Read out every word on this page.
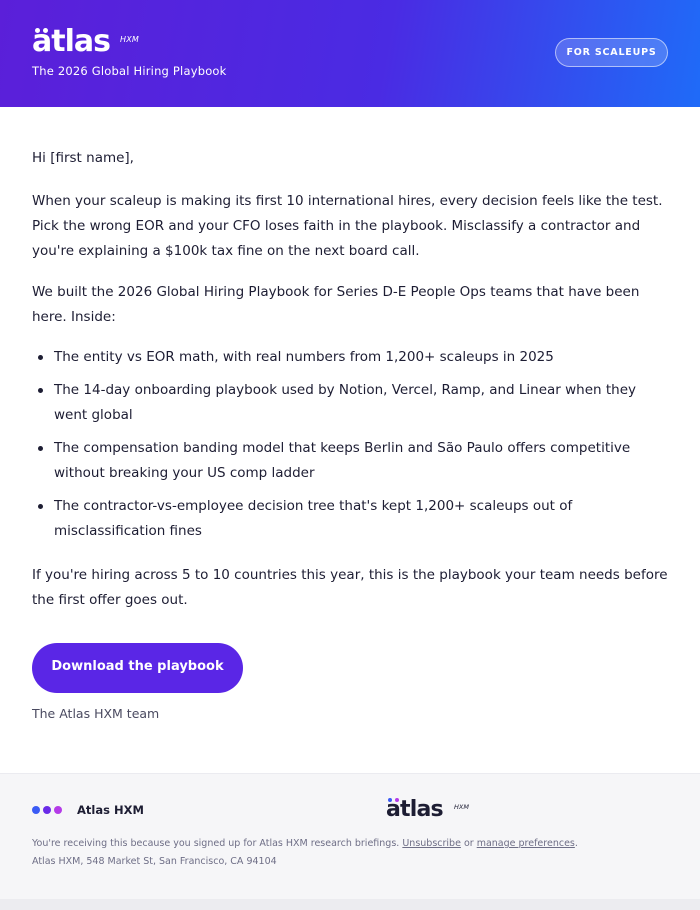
atlas HXM
The 2026 Global Hiring Playbook
FOR SCALEUPS
Hi [first name],
When your scaleup is making its first 10 international hires, every decision feels like the test. Pick the wrong EOR and your CFO loses faith in the playbook. Misclassify a contractor and you're explaining a $100k tax fine on the next board call.
We built the 2026 Global Hiring Playbook for Series D-E People Ops teams that have been here. Inside:
The entity vs EOR math, with real numbers from 1,200+ scaleups in 2025
The 14-day onboarding playbook used by Notion, Vercel, Ramp, and Linear when they went global
The compensation banding model that keeps Berlin and São Paulo offers competitive without breaking your US comp ladder
The contractor-vs-employee decision tree that's kept 1,200+ scaleups out of misclassification fines
If you're hiring across 5 to 10 countries this year, this is the playbook your team needs before the first offer goes out.
Download the playbook
The Atlas HXM team
Atlas HXM	atlas HXM
You're receiving this because you signed up for Atlas HXM research briefings. Unsubscribe or manage preferences.
Atlas HXM, 548 Market St, San Francisco, CA 94104
